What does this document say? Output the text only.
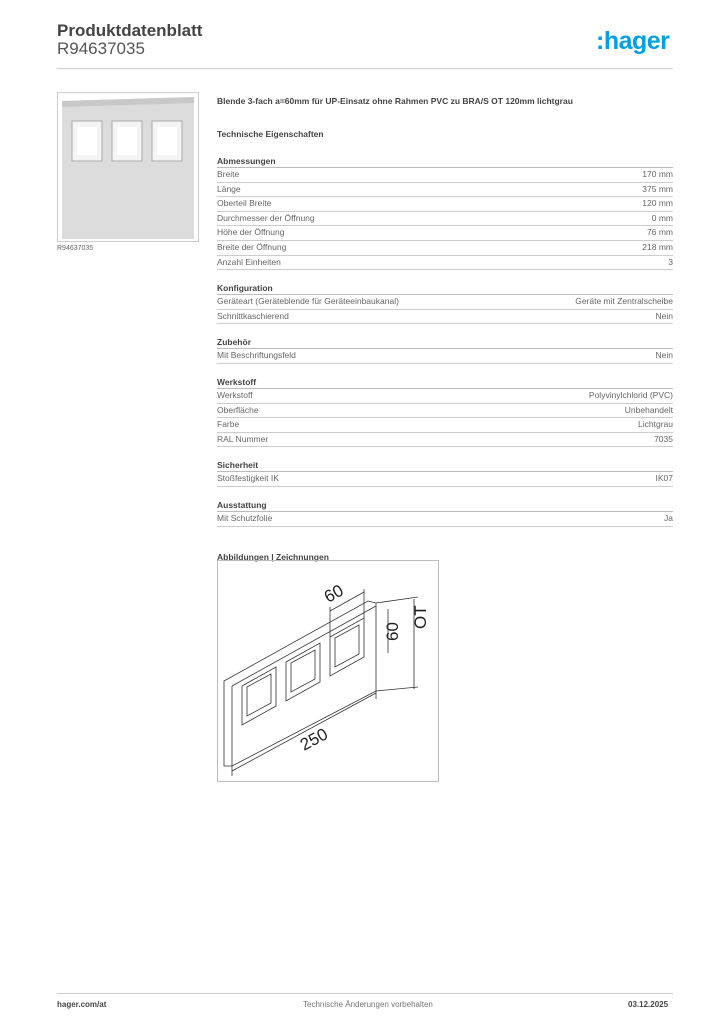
Produktdatenblatt
R94637035	:hager
R94637035
Blende 3-fach a=60mm für UP-Einsatz ohne Rahmen PVC zu BRA/S OT 120mm lichtgrau
Technische Eigenschaften
Abmessungen
Breite	170 mm
Länge	375 mm
Oberteil Breite	120 mm
Durchmesser der Öffnung	0 mm
Höhe der Öffnung	76 mm
Breite der Öffnung	218 mm
Anzahl Einheiten	3
Konfiguration
Geräteart (Geräteblende für Geräteeinbaukanal)	Geräte mit Zentralscheibe
Schnittkaschierend	Nein
Zubehör
Mit Beschriftungsfeld	Nein
Werkstoff
Werkstoff	Polyvinylchlorid (PVC)
Oberfläche	Unbehandelt
Farbe	Lichtgrau
RAL Nummer	7035
Sicherheit
Stoßfestigkeit IK	IK07
Ausstattung
Mit Schutzfolie	Ja
Abbildungen | Zeichnungen
60
60
OT
250
hager.com/at	Technische Änderungen vorbehalten	03.12.2025
